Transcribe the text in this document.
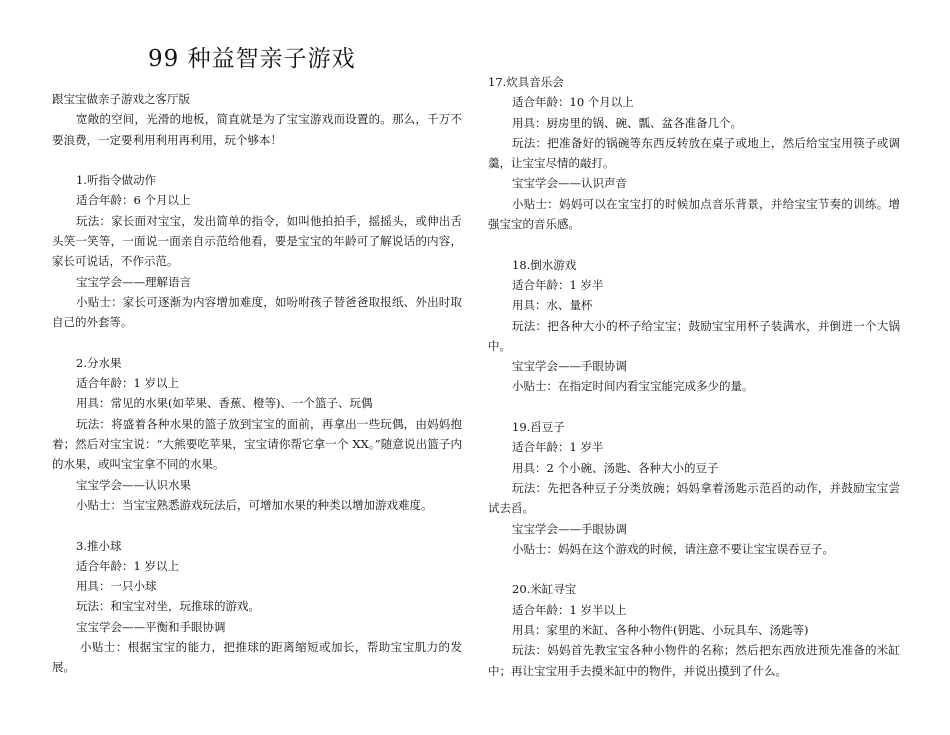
99 种益智亲子游戏

跟宝宝做亲子游戏之客厅版

宽敞的空间，光滑的地板，简直就是为了宝宝游戏而设置的。那么，千万不要浪费，一定要利用利用再利用，玩个够本！

1.听指令做动作

适合年龄：6 个月以上

玩法：家长面对宝宝，发出简单的指令，如叫他拍拍手，摇摇头，或伸出舌头笑一笑等，一面说一面亲自示范给他看，要是宝宝的年龄可了解说话的内容，家长可说话，不作示范。

宝宝学会——理解语言

小贴士：家长可逐渐为内容增加难度，如吩咐孩子替爸爸取报纸、外出时取自己的外套等。

2.分水果

适合年龄：1 岁以上

用具：常见的水果(如苹果、香蕉、橙等)、一个篮子、玩偶

玩法：将盛着各种水果的篮子放到宝宝的面前，再拿出一些玩偶，由妈妈抱着；然后对宝宝说：“大熊要吃苹果，宝宝请你帮它拿一个 XX。”随意说出篮子内的水果，或叫宝宝拿不同的水果。

宝宝学会——认识水果

小贴士：当宝宝熟悉游戏玩法后，可增加水果的种类以增加游戏难度。

3.推小球

适合年龄：1 岁以上

用具：一只小球

玩法：和宝宝对坐，玩推球的游戏。

宝宝学会——平衡和手眼协调

小贴士：根据宝宝的能力，把推球的距离缩短或加长，帮助宝宝肌力的发展。

17.炊具音乐会

适合年龄：10 个月以上

用具：厨房里的锅、碗、瓢、盆各准备几个。

玩法：把准备好的锅碗等东西反转放在桌子或地上，然后给宝宝用筷子或调羹，让宝宝尽情的敲打。

宝宝学会——认识声音

小贴士：妈妈可以在宝宝打的时候加点音乐背景，并给宝宝节奏的训练。增强宝宝的音乐感。

18.倒水游戏

适合年龄：1 岁半

用具：水、量杯

玩法：把各种大小的杯子给宝宝；鼓励宝宝用杯子装满水，并倒进一个大锅中。

宝宝学会——手眼协调

小贴士：在指定时间内看宝宝能完成多少的量。

19.舀豆子

适合年龄：1 岁半

用具：2 个小碗、汤匙、各种大小的豆子

玩法：先把各种豆子分类放碗；妈妈拿着汤匙示范舀的动作，并鼓励宝宝尝试去舀。

宝宝学会——手眼协调

小贴士：妈妈在这个游戏的时候，请注意不要让宝宝误吞豆子。

20.米缸寻宝

适合年龄：1 岁半以上

用具：家里的米缸、各种小物件(钥匙、小玩具车、汤匙等)

玩法：妈妈首先教宝宝各种小物件的名称；然后把东西放进预先准备的米缸中；再让宝宝用手去摸米缸中的物件，并说出摸到了什么。
